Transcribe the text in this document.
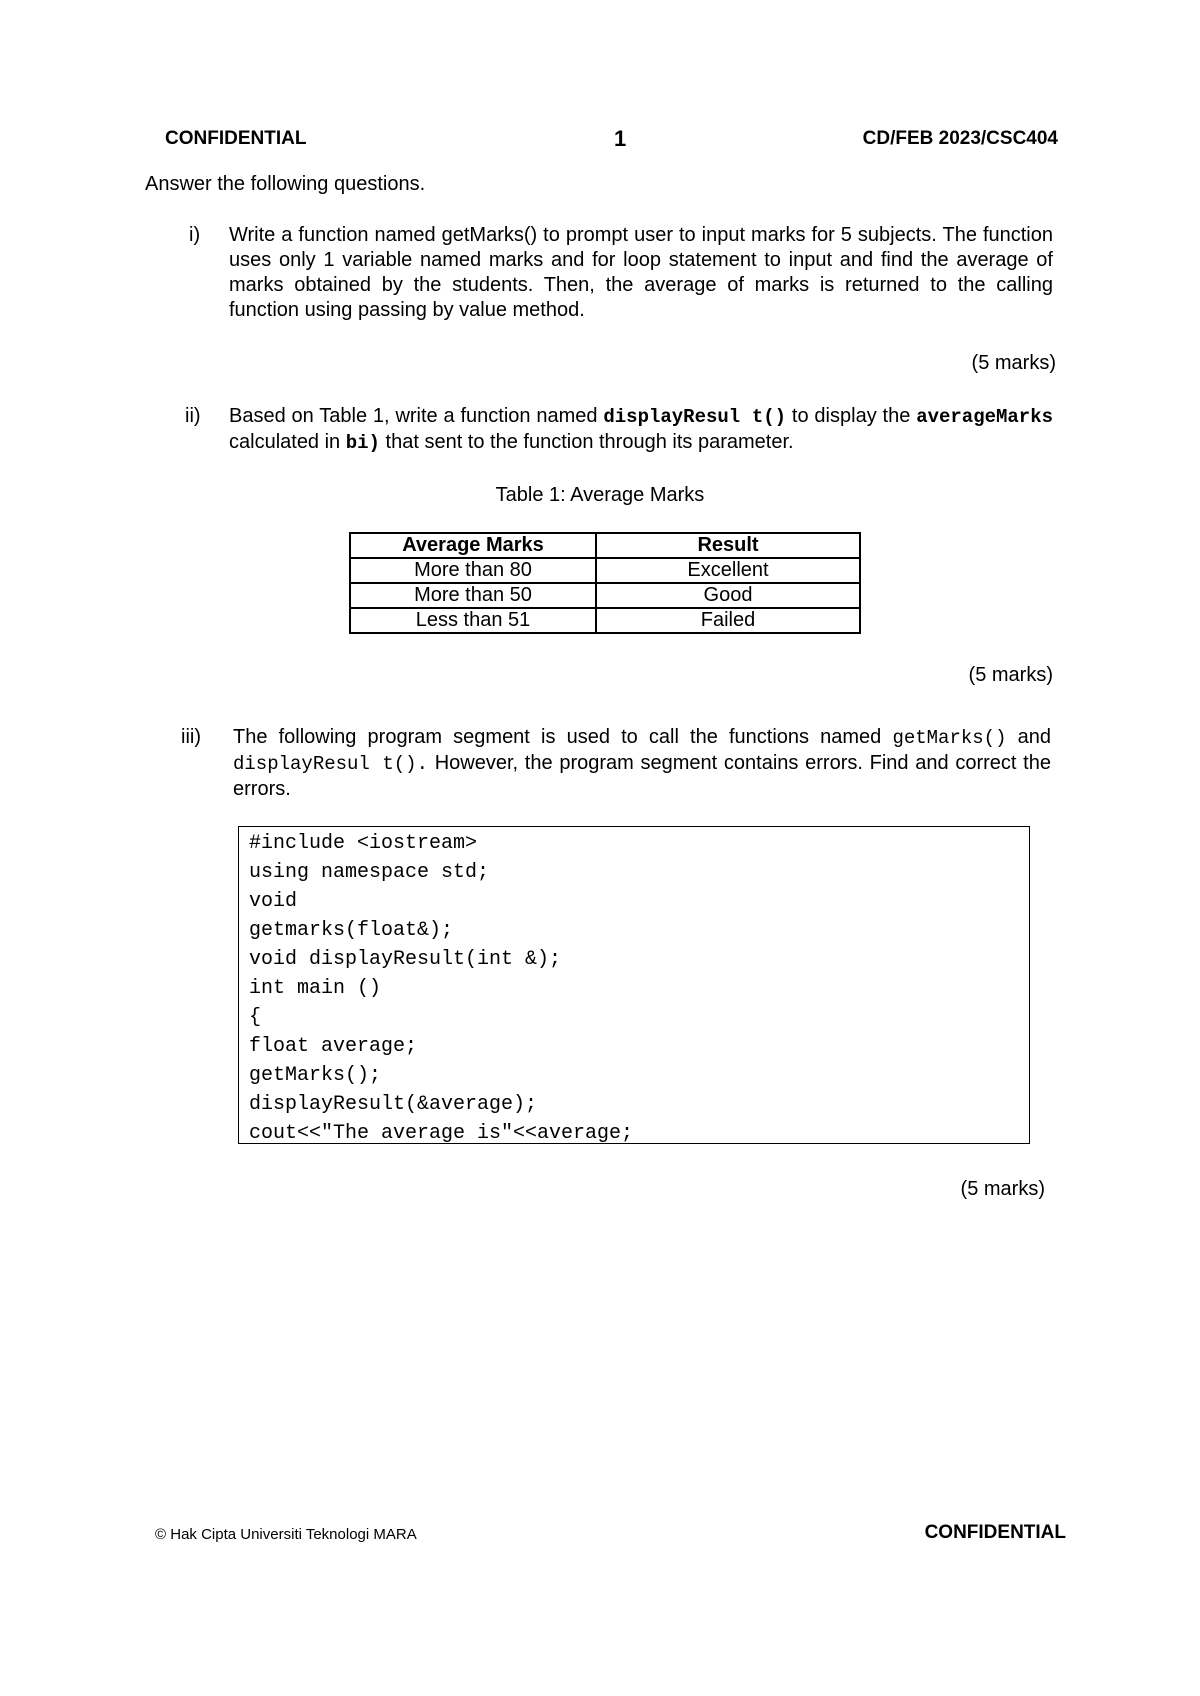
CONFIDENTIAL	1	CD/FEB 2023/CSC404
Answer the following questions.
i) Write a function named getMarks() to prompt user to input marks for 5 subjects. The function uses only 1 variable named marks and for loop statement to input and find the average of marks obtained by the students. Then, the average of marks is returned to the calling function using passing by value method.
(5 marks)
ii) Based on Table 1, write a function named displayResul t() to display the averageMarks calculated in bi) that sent to the function through its parameter.
Table 1: Average Marks
Average Marks	Result
More than 80	Excellent
More than 50	Good
Less than 51	Failed
(5 marks)
iii) The following program segment is used to call the functions named getMarks() and displayResul t(). However, the program segment contains errors. Find and correct the errors.
#include <iostream>
using namespace std;
void
getmarks(float&);
void displayResult(int &);
int main ()
{
float average;
getMarks();
displayResult(&average);
cout<<"The average is"<<average;
(5 marks)
© Hak Cipta Universiti Teknologi MARA	CONFIDENTIAL
